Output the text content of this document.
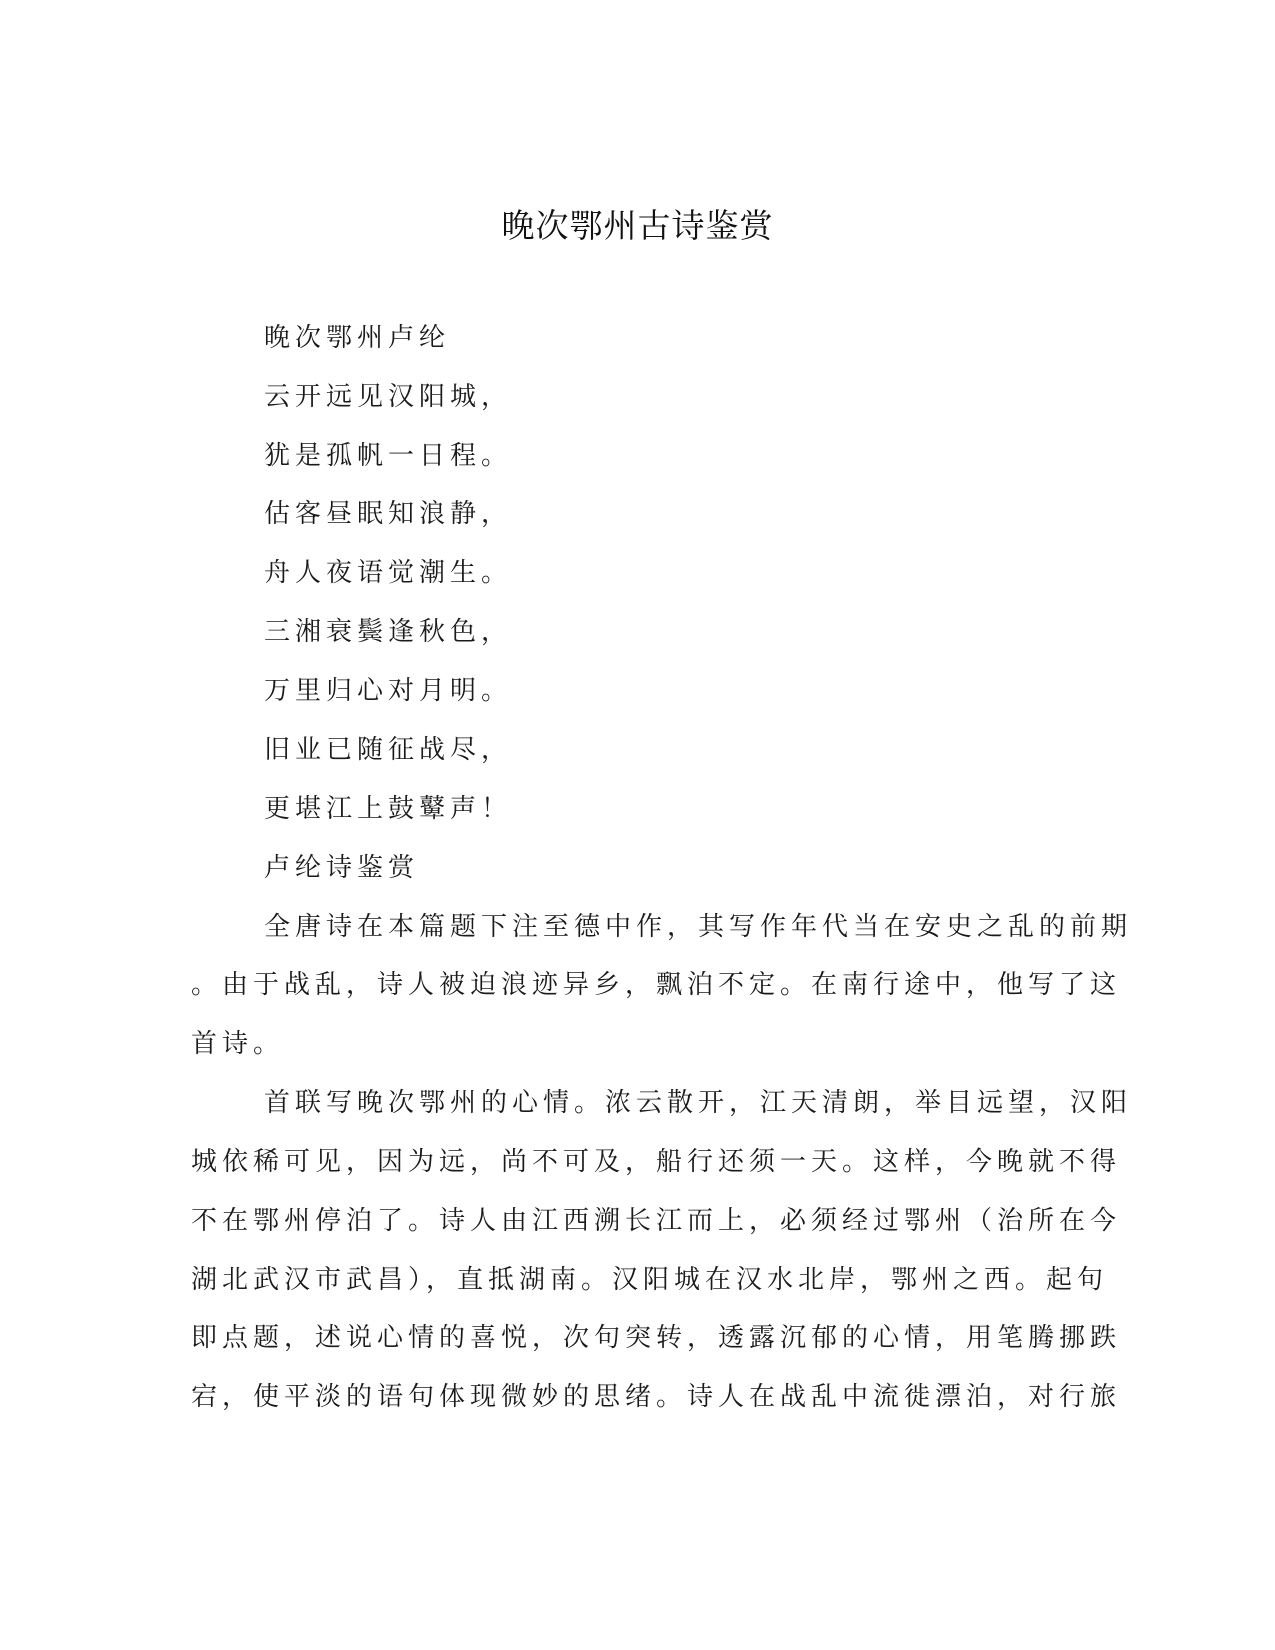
晚次鄂州古诗鉴赏
晚次鄂州卢纶
云开远见汉阳城，
犹是孤帆一日程。
估客昼眠知浪静，
舟人夜语觉潮生。
三湘衰鬓逢秋色，
万里归心对月明。
旧业已随征战尽，
更堪江上鼓鼙声！
卢纶诗鉴赏
全唐诗在本篇题下注至德中作，其写作年代当在安史之乱的前期
。由于战乱，诗人被迫浪迹异乡，飘泊不定。在南行途中，他写了这
首诗。
首联写晚次鄂州的心情。浓云散开，江天清朗，举目远望，汉阳
城依稀可见，因为远，尚不可及，船行还须一天。这样，今晚就不得
不在鄂州停泊了。诗人由江西溯长江而上，必须经过鄂州（治所在今
湖北武汉市武昌），直抵湖南。汉阳城在汉水北岸，鄂州之西。起句
即点题，述说心情的喜悦，次句突转，透露沉郁的心情，用笔腾挪跌
宕，使平淡的语句体现微妙的思绪。诗人在战乱中流徙漂泊，对行旅
